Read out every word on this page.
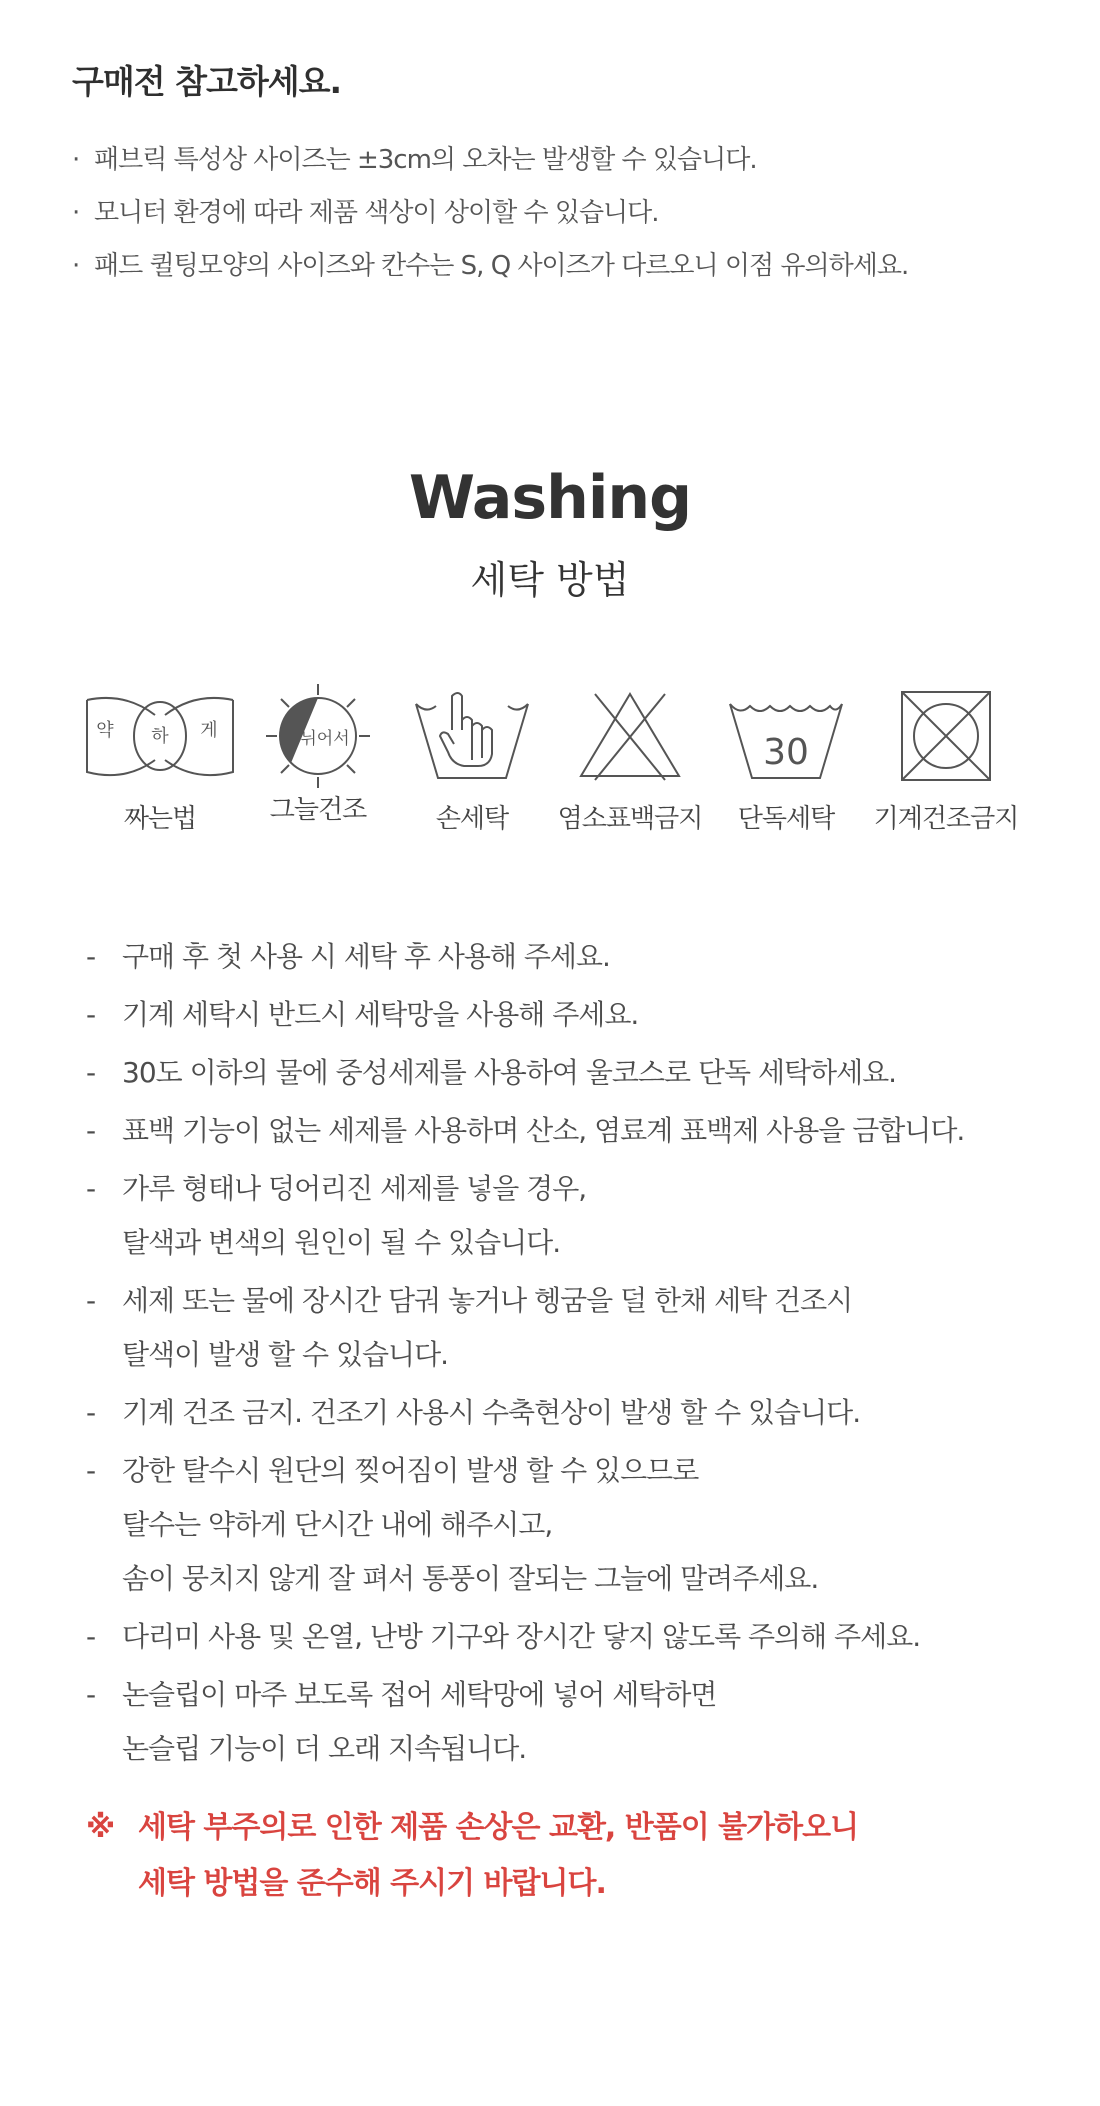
구매전 참고하세요.
· 패브릭 특성상 사이즈는 ±3cm의 오차는 발생할 수 있습니다.
· 모니터 환경에 따라 제품 색상이 상이할 수 있습니다.
· 패드 퀼팅모양의 사이즈와 칸수는 S, Q 사이즈가 다르오니 이점 유의하세요.
Washing
세탁 방법
약 하 게
짜는법
뉘어서
그늘건조	손세탁	염소표백금지
30
단독세탁	기계건조금지
- 구매 후 첫 사용 시 세탁 후 사용해 주세요.
- 기계 세탁시 반드시 세탁망을 사용해 주세요.
- 30도 이하의 물에 중성세제를 사용하여 울코스로 단독 세탁하세요.
- 표백 기능이 없는 세제를 사용하며 산소, 염료계 표백제 사용을 금합니다.
- 가루 형태나 덩어리진 세제를 넣을 경우,
탈색과 변색의 원인이 될 수 있습니다.
- 세제 또는 물에 장시간 담궈 놓거나 헹굼을 덜 한채 세탁 건조시
탈색이 발생 할 수 있습니다.
- 기계 건조 금지. 건조기 사용시 수축현상이 발생 할 수 있습니다.
- 강한 탈수시 원단의 찢어짐이 발생 할 수 있으므로
탈수는 약하게 단시간 내에 해주시고,
솜이 뭉치지 않게 잘 펴서 통풍이 잘되는 그늘에 말려주세요.
- 다리미 사용 및 온열, 난방 기구와 장시간 닿지 않도록 주의해 주세요.
- 논슬립이 마주 보도록 접어 세탁망에 넣어 세탁하면
논슬립 기능이 더 오래 지속됩니다.
※ 세탁 부주의로 인한 제품 손상은 교환, 반품이 불가하오니
세탁 방법을 준수해 주시기 바랍니다.
